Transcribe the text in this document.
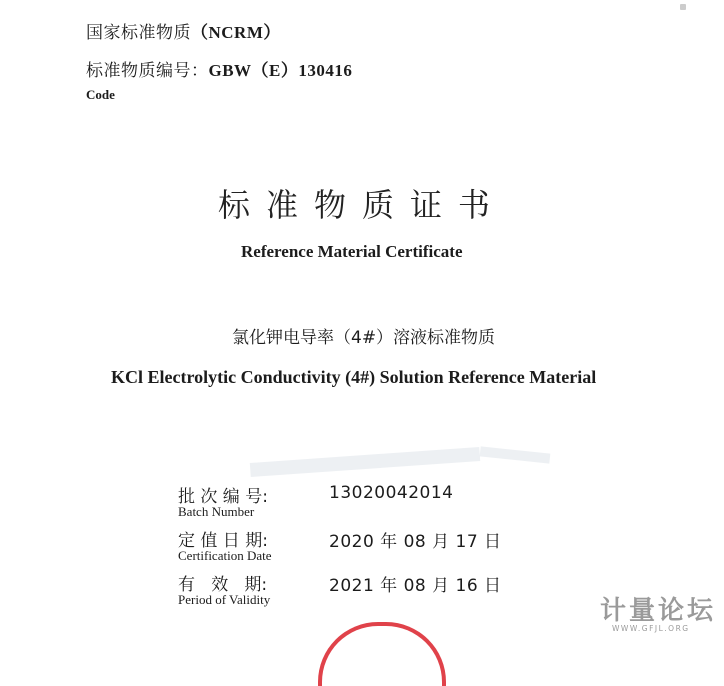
国家标准物质（NCRM）
标准物质编号：GBW（E）130416
Code
标准物质证书
Reference Material Certificate
氯化钾电导率（4#）溶液标准物质
KCl Electrolytic Conductivity (4#) Solution Reference Material
批 次 编 号:
Batch Number
13020042014
定 值 日 期:
Certification Date
2020 年 08 月 17 日
有   效   期:
Period of Validity
2021 年 08 月 16 日
计量论坛
WWW.GFJL.ORG
